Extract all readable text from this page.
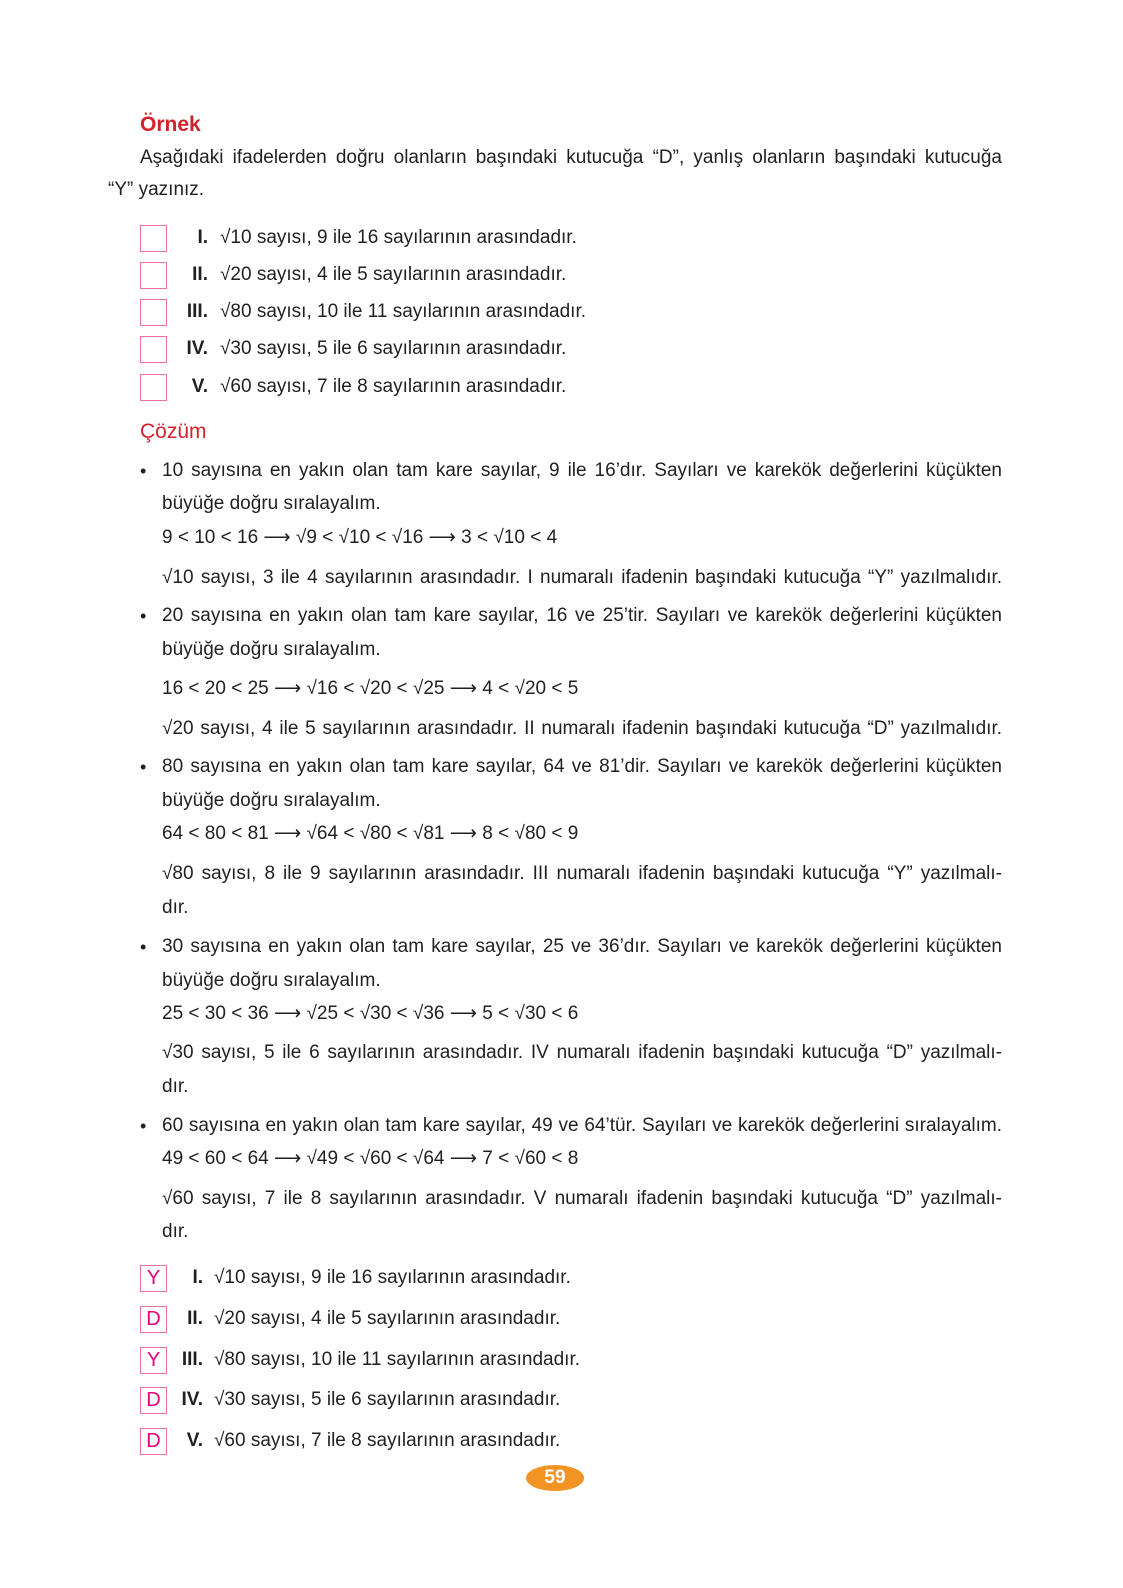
Örnek
Aşağıdaki ifadelerden doğru olanların başındaki kutucuğa “D”, yanlış olanların başındaki kutucuğa
“Y” yazınız.
I. √10 sayısı, 9 ile 16 sayılarının arasındadır.
II. √20 sayısı, 4 ile 5 sayılarının arasındadır.
III. √80 sayısı, 10 ile 11 sayılarının arasındadır.
IV. √30 sayısı, 5 ile 6 sayılarının arasındadır.
V. √60 sayısı, 7 ile 8 sayılarının arasındadır.
Çözüm
• 10 sayısına en yakın olan tam kare sayılar, 9 ile 16’dır. Sayıları ve karekök değerlerini küçükten
büyüğe doğru sıralayalım.
9 < 10 < 16 ⟶ √9 < √10 < √16 ⟶ 3 < √10 < 4
√10 sayısı, 3 ile 4 sayılarının arasındadır. I numaralı ifadenin başındaki kutucuğa “Y” yazılmalıdır.
• 20 sayısına en yakın olan tam kare sayılar, 16 ve 25’tir. Sayıları ve karekök değerlerini küçükten
büyüğe doğru sıralayalım.
16 < 20 < 25 ⟶ √16 < √20 < √25 ⟶ 4 < √20 < 5
√20 sayısı, 4 ile 5 sayılarının arasındadır. II numaralı ifadenin başındaki kutucuğa “D” yazılmalıdır.
• 80 sayısına en yakın olan tam kare sayılar, 64 ve 81’dir. Sayıları ve karekök değerlerini küçükten
büyüğe doğru sıralayalım.
64 < 80 < 81 ⟶ √64 < √80 < √81 ⟶ 8 < √80 < 9
√80 sayısı, 8 ile 9 sayılarının arasındadır. III numaralı ifadenin başındaki kutucuğa “Y” yazılmalı-
dır.
• 30 sayısına en yakın olan tam kare sayılar, 25 ve 36’dır. Sayıları ve karekök değerlerini küçükten
büyüğe doğru sıralayalım.
25 < 30 < 36 ⟶ √25 < √30 < √36 ⟶ 5 < √30 < 6
√30 sayısı, 5 ile 6 sayılarının arasındadır. IV numaralı ifadenin başındaki kutucuğa “D” yazılmalı-
dır.
• 60 sayısına en yakın olan tam kare sayılar, 49 ve 64’tür. Sayıları ve karekök değerlerini sıralayalım.
49 < 60 < 64 ⟶ √49 < √60 < √64 ⟶ 7 < √60 < 8
√60 sayısı, 7 ile 8 sayılarının arasındadır. V numaralı ifadenin başındaki kutucuğa “D” yazılmalı-
dır.
Y	I. √10 sayısı, 9 ile 16 sayılarının arasındadır.
D	II. √20 sayısı, 4 ile 5 sayılarının arasındadır.
Y	III. √80 sayısı, 10 ile 11 sayılarının arasındadır.
D	IV. √30 sayısı, 5 ile 6 sayılarının arasındadır.
D	V. √60 sayısı, 7 ile 8 sayılarının arasındadır.
59
